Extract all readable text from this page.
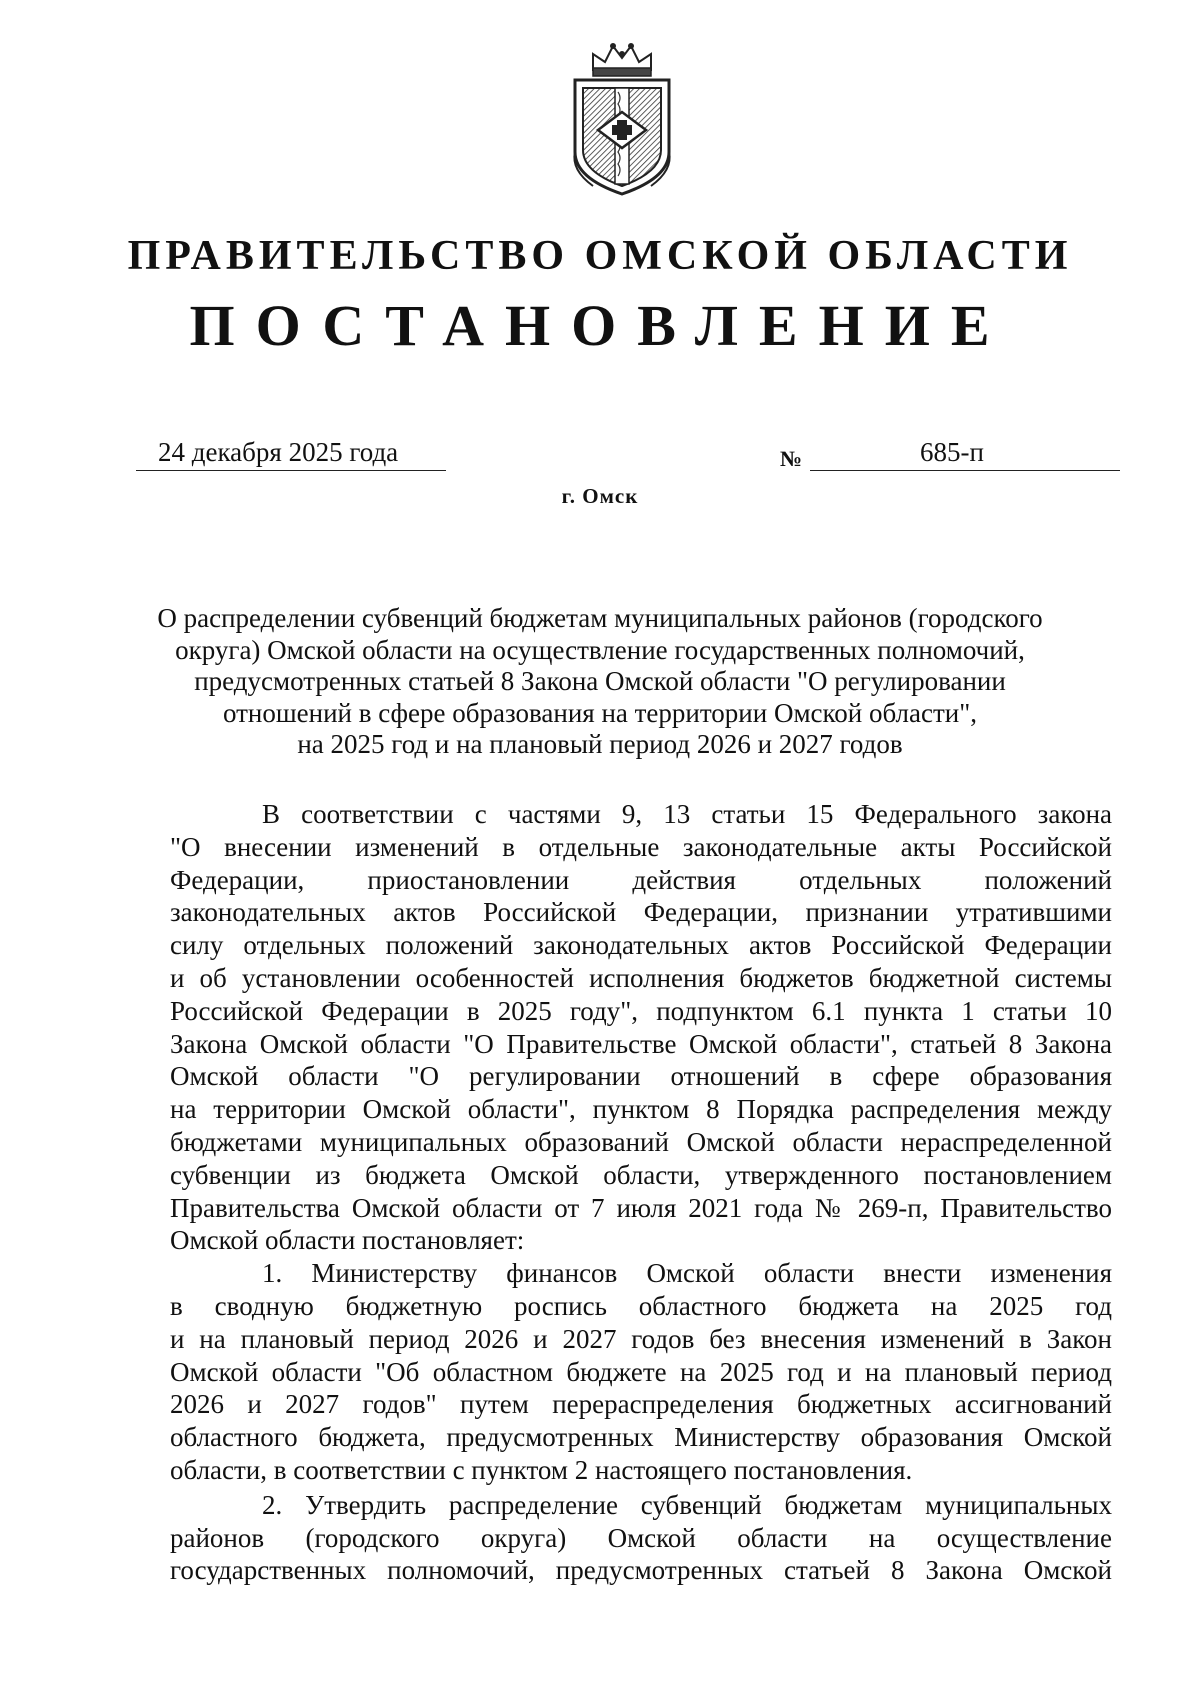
ПРАВИТЕЛЬСТВО ОМСКОЙ ОБЛАСТИ
ПОСТАНОВЛЕНИЕ
24 декабря 2025 года	№	685-п
г. Омск
О распределении субвенций бюджетам муниципальных районов (городского
округа) Омской области на осуществление государственных полномочий,
предусмотренных статьей 8 Закона Омской области "О регулировании
отношений в сфере образования на территории Омской области",
на 2025 год и на плановый период 2026 и 2027 годов
В соответствии с частями 9, 13 статьи 15 Федерального закона
"О внесении изменений в отдельные законодательные акты Российской
Федерации, приостановлении действия отдельных положений
законодательных актов Российской Федерации, признании утратившими
силу отдельных положений законодательных актов Российской Федерации
и об установлении особенностей исполнения бюджетов бюджетной системы
Российской Федерации в 2025 году", подпунктом 6.1 пункта 1 статьи 10
Закона Омской области "О Правительстве Омской области", статьей 8 Закона
Омской области "О регулировании отношений в сфере образования
на территории Омской области", пунктом 8 Порядка распределения между
бюджетами муниципальных образований Омской области нераспределенной
субвенции из бюджета Омской области, утвержденного постановлением
Правительства Омской области от 7 июля 2021 года № 269-п, Правительство
Омской области постановляет:
1. Министерству финансов Омской области внести изменения
в сводную бюджетную роспись областного бюджета на 2025 год
и на плановый период 2026 и 2027 годов без внесения изменений в Закон
Омской области "Об областном бюджете на 2025 год и на плановый период
2026 и 2027 годов" путем перераспределения бюджетных ассигнований
областного бюджета, предусмотренных Министерству образования Омской
области, в соответствии с пунктом 2 настоящего постановления.
2. Утвердить распределение субвенций бюджетам муниципальных
районов (городского округа) Омской области на осуществление
государственных полномочий, предусмотренных статьей 8 Закона Омской
